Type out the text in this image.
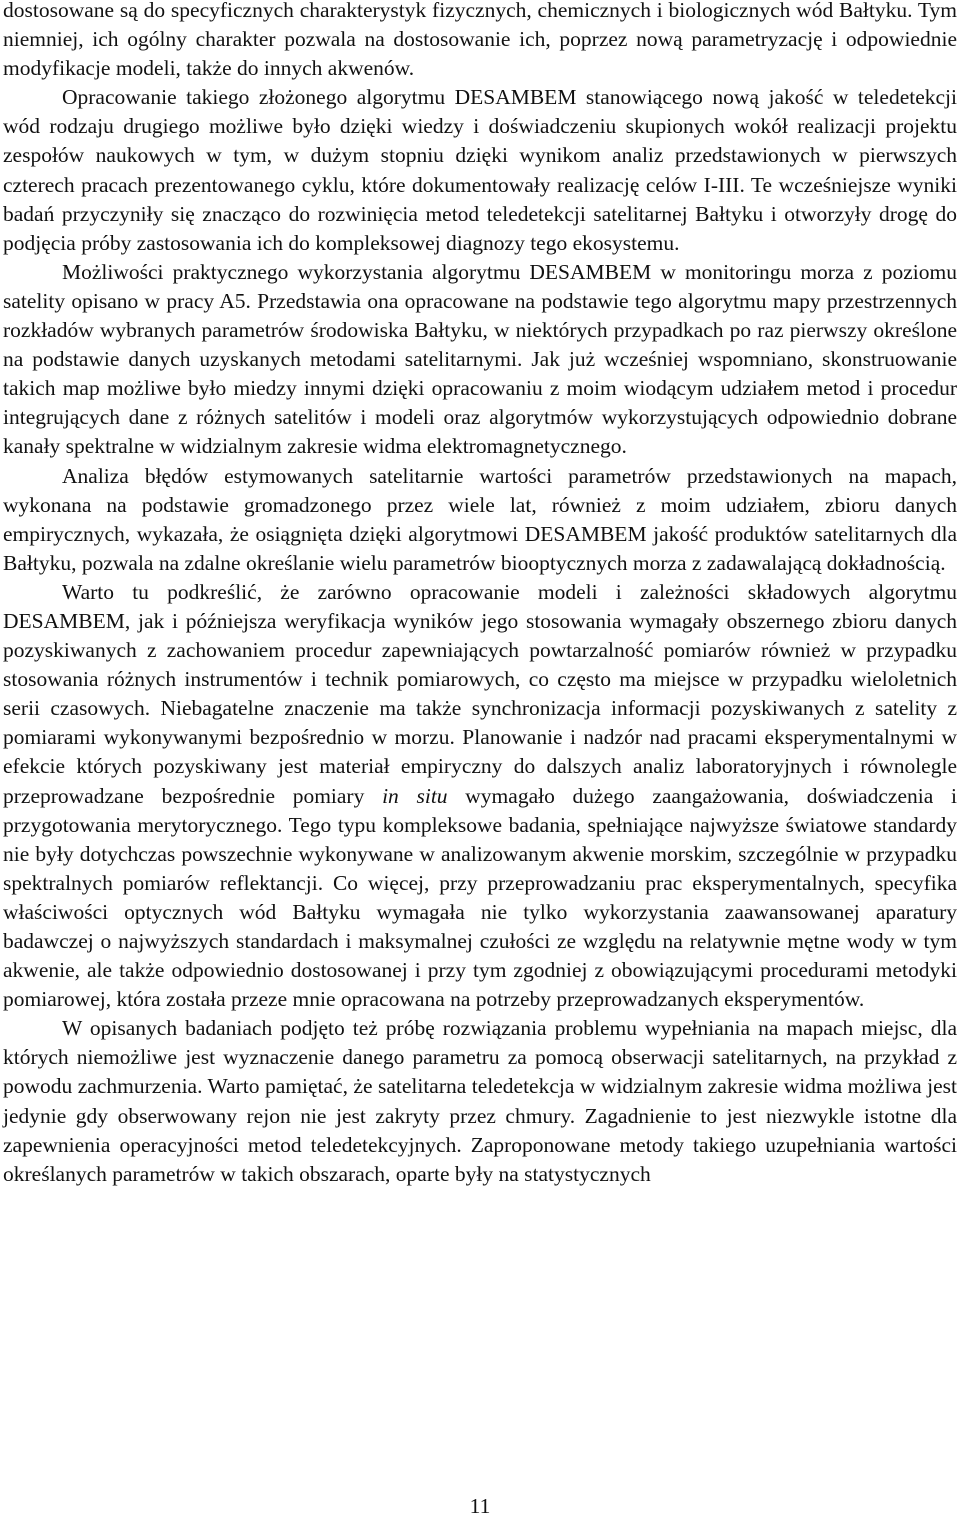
dostosowane są do specyficznych charakterystyk fizycznych, chemicznych i biologicznych wód Bałtyku. Tym niemniej, ich ogólny charakter pozwala na dostosowanie ich, poprzez nową parametryzację i odpowiednie modyfikacje modeli, także do innych akwenów.

Opracowanie takiego złożonego algorytmu DESAMBEM stanowiącego nową jakość w teledetekcji wód rodzaju drugiego możliwe było dzięki wiedzy i doświadczeniu skupionych wokół realizacji projektu zespołów naukowych w tym, w dużym stopniu dzięki wynikom analiz przedstawionych w pierwszych czterech pracach prezentowanego cyklu, które dokumentowały realizację celów I-III. Te wcześniejsze wyniki badań przyczyniły się znacząco do rozwinięcia metod teledetekcji satelitarnej Bałtyku i otworzyły drogę do podjęcia próby zastosowania ich do kompleksowej diagnozy tego ekosystemu.

Możliwości praktycznego wykorzystania algorytmu DESAMBEM w monitoringu morza z poziomu satelity opisano w pracy A5. Przedstawia ona opracowane na podstawie tego algorytmu mapy przestrzennych rozkładów wybranych parametrów środowiska Bałtyku, w niektórych przypadkach po raz pierwszy określone na podstawie danych uzyskanych metodami satelitarnymi. Jak już wcześniej wspomniano, skonstruowanie takich map możliwe było miedzy innymi dzięki opracowaniu z moim wiodącym udziałem metod i procedur integrujących dane z różnych satelitów i modeli oraz algorytmów wykorzystujących odpowiednio dobrane kanały spektralne w widzialnym zakresie widma elektromagnetycznego.

Analiza błędów estymowanych satelitarnie wartości parametrów przedstawionych na mapach, wykonana na podstawie gromadzonego przez wiele lat, również z moim udziałem, zbioru danych empirycznych, wykazała, że osiągnięta dzięki algorytmowi DESAMBEM jakość produktów satelitarnych dla Bałtyku, pozwala na zdalne określanie wielu parametrów biooptycznych morza z zadawalającą dokładnością.

Warto tu podkreślić, że zarówno opracowanie modeli i zależności składowych algorytmu DESAMBEM, jak i późniejsza weryfikacja wyników jego stosowania wymagały obszernego zbioru danych pozyskiwanych z zachowaniem procedur zapewniających powtarzalność pomiarów również w przypadku stosowania różnych instrumentów i technik pomiarowych, co często ma miejsce w przypadku wieloletnich serii czasowych. Niebagatelne znaczenie ma także synchronizacja informacji pozyskiwanych z satelity z pomiarami wykonywanymi bezpośrednio w morzu. Planowanie i nadzór nad pracami eksperymentalnymi w efekcie których pozyskiwany jest materiał empiryczny do dalszych analiz laboratoryjnych i równolegle przeprowadzane bezpośrednie pomiary in situ wymagało dużego zaangażowania, doświadczenia i przygotowania merytorycznego. Tego typu kompleksowe badania, spełniające najwyższe światowe standardy nie były dotychczas powszechnie wykonywane w analizowanym akwenie morskim, szczególnie w przypadku spektralnych pomiarów reflektancji. Co więcej, przy przeprowadzaniu prac eksperymentalnych, specyfika właściwości optycznych wód Bałtyku wymagała nie tylko wykorzystania zaawansowanej aparatury badawczej o najwyższych standardach i maksymalnej czułości ze względu na relatywnie mętne wody w tym akwenie, ale także odpowiednio dostosowanej i przy tym zgodniej z obowiązującymi procedurami metodyki pomiarowej, która została przeze mnie opracowana na potrzeby przeprowadzanych eksperymentów.

W opisanych badaniach podjęto też próbę rozwiązania problemu wypełniania na mapach miejsc, dla których niemożliwe jest wyznaczenie danego parametru za pomocą obserwacji satelitarnych, na przykład z powodu zachmurzenia. Warto pamiętać, że satelitarna teledetekcja w widzialnym zakresie widma możliwa jest jedynie gdy obserwowany rejon nie jest zakryty przez chmury. Zagadnienie to jest niezwykle istotne dla zapewnienia operacyjności metod teledetekcyjnych. Zaproponowane metody takiego uzupełniania wartości określanych parametrów w takich obszarach, oparte były na statystycznych

11
